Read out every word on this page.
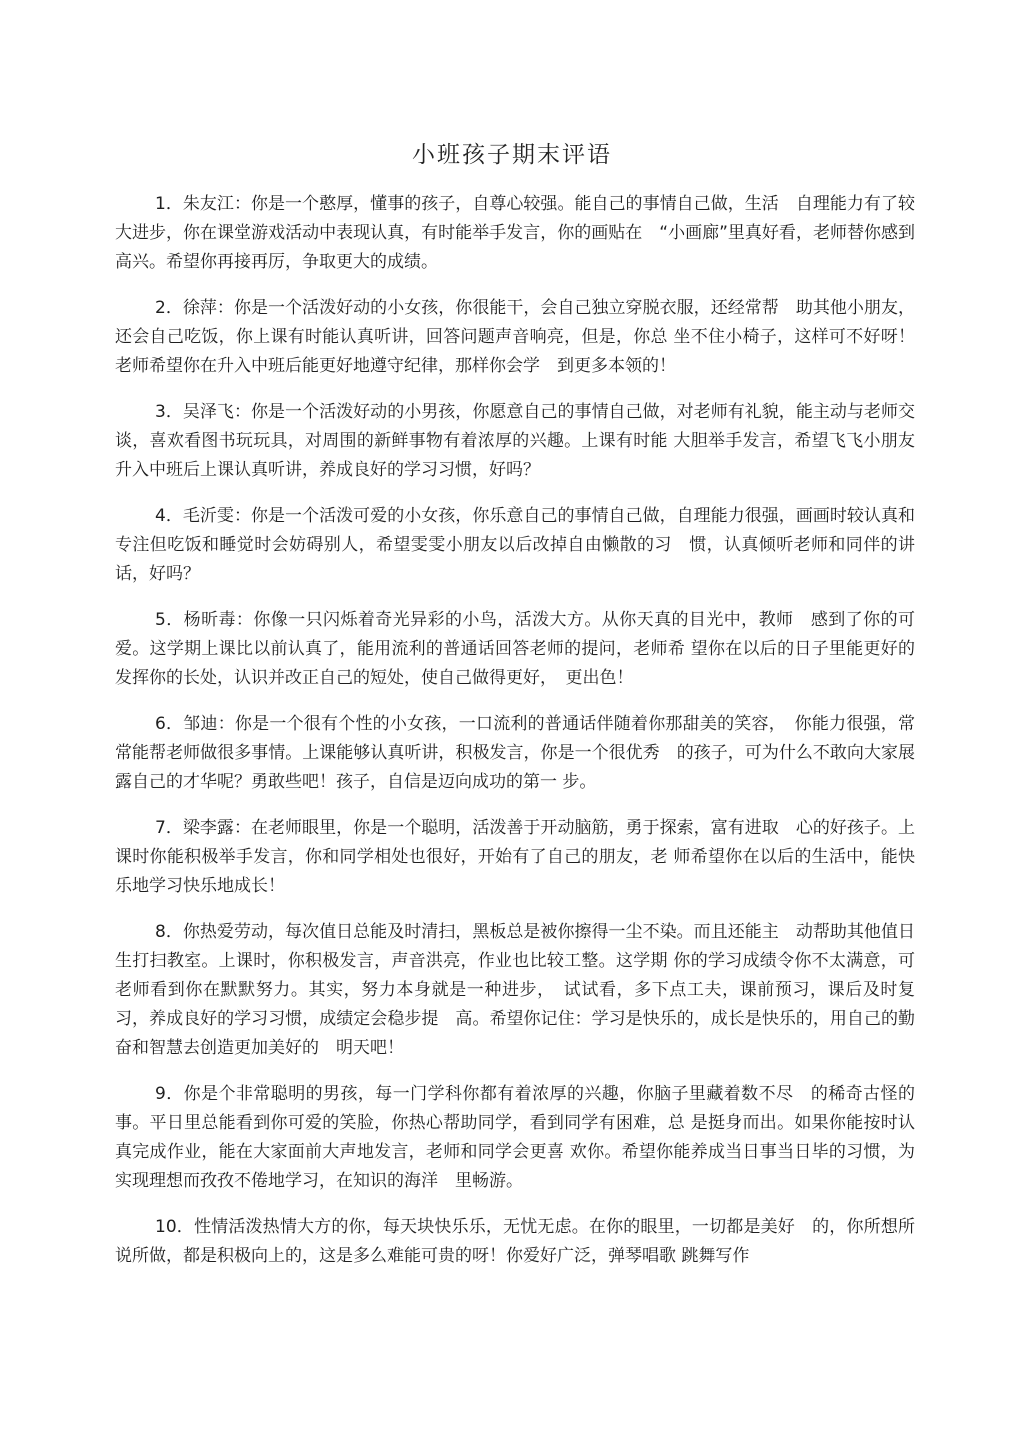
小班孩子期末评语

1．朱友江：你是一个憨厚，懂事的孩子，自尊心较强。能自己的事情自己做，生活　自理能力有了较大进步，你在课堂游戏活动中表现认真，有时能举手发言，你的画贴在　“小画廊”里真好看，老师替你感到高兴。希望你再接再厉，争取更大的成绩。

2．徐萍：你是一个活泼好动的小女孩，你很能干，会自己独立穿脱衣服，还经常帮　助其他小朋友，还会自己吃饭，你上课有时能认真听讲，回答问题声音响亮，但是，你总 坐不住小椅子，这样可不好呀！老师希望你在升入中班后能更好地遵守纪律，那样你会学　到更多本领的！

3．吴泽飞：你是一个活泼好动的小男孩，你愿意自己的事情自己做，对老师有礼貌，能主动与老师交谈，喜欢看图书玩玩具，对周围的新鲜事物有着浓厚的兴趣。上课有时能 大胆举手发言，希望飞飞小朋友升入中班后上课认真听讲，养成良好的学习习惯，好吗？

4．毛沂雯：你是一个活泼可爱的小女孩，你乐意自己的事情自己做，自理能力很强，画画时较认真和专注但吃饭和睡觉时会妨碍别人，希望雯雯小朋友以后改掉自由懒散的习　惯，认真倾听老师和同伴的讲话，好吗？

5．杨昕毒：你像一只闪烁着奇光异彩的小鸟，活泼大方。从你天真的目光中，教师　感到了你的可爱。这学期上课比以前认真了，能用流利的普通话回答老师的提问，老师希 望你在以后的日子里能更好的发挥你的长处，认识并改正自己的短处，使自己做得更好，　更出色！

6．邹迪：你是一个很有个性的小女孩，一口流利的普通话伴随着你那甜美的笑容，　你能力很强，常常能帮老师做很多事情。上课能够认真听讲，积极发言，你是一个很优秀　的孩子，可为什么不敢向大家展露自己的才华呢？勇敢些吧！孩子，自信是迈向成功的第一 步。

7．梁李露：在老师眼里，你是一个聪明，活泼善于开动脑筋，勇于探索，富有进取　心的好孩子。上课时你能积极举手发言，你和同学相处也很好，开始有了自己的朋友，老 师希望你在以后的生活中，能快乐地学习快乐地成长！

8．你热爱劳动，每次值日总能及时清扫，黑板总是被你擦得一尘不染。而且还能主　动帮助其他值日生打扫教室。上课时，你积极发言，声音洪亮，作业也比较工整。这学期 你的学习成绩令你不太满意，可老师看到你在默默努力。其实，努力本身就是一种进步，　试试看，多下点工夫，课前预习，课后及时复习，养成良好的学习习惯，成绩定会稳步提　高。希望你记住：学习是快乐的，成长是快乐的，用自己的勤奋和智慧去创造更加美好的　明天吧！

9．你是个非常聪明的男孩，每一门学科你都有着浓厚的兴趣，你脑子里藏着数不尽　的稀奇古怪的事。平日里总能看到你可爱的笑脸，你热心帮助同学，看到同学有困难，总 是挺身而出。如果你能按时认真完成作业，能在大家面前大声地发言，老师和同学会更喜 欢你。希望你能养成当日事当日毕的习惯，为实现理想而孜孜不倦地学习，在知识的海洋　里畅游。

10．性情活泼热情大方的你，每天块快乐乐，无忧无虑。在你的眼里，一切都是美好　的，你所想所说所做，都是积极向上的，这是多么难能可贵的呀！你爱好广泛，弹琴唱歌 跳舞写作
